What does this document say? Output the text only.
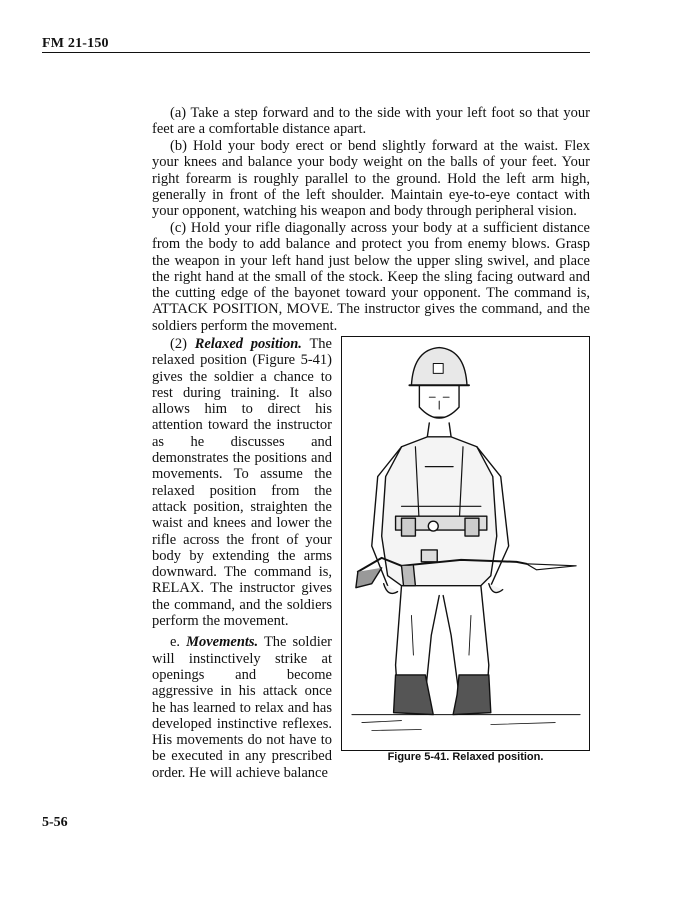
FM 21-150

(a) Take a step forward and to the side with your left foot so that your feet are a comfortable distance apart.

(b) Hold your body erect or bend slightly forward at the waist. Flex your knees and balance your body weight on the balls of your feet. Your right forearm is roughly parallel to the ground. Hold the left arm high, generally in front of the left shoulder. Maintain eye-to-eye contact with your opponent, watching his weapon and body through peripheral vision.

(c) Hold your rifle diagonally across your body at a sufficient distance from the body to add balance and protect you from enemy blows. Grasp the weapon in your left hand just below the upper sling swivel, and place the right hand at the small of the stock. Keep the sling facing outward and the cutting edge of the bayonet toward your opponent. The command is, ATTACK POSITION, MOVE. The instructor gives the command, and the soldiers perform the movement.

(2) Relaxed position. The relaxed position (Figure 5-41) gives the soldier a chance to rest during training. It also allows him to direct his attention toward the instructor as he discusses and demonstrates the positions and movements. To assume the relaxed position from the attack position, straighten the waist and knees and lower the rifle across the front of your body by extending the arms downward. The command is, RELAX. The instructor gives the command, and the soldiers perform the movement.

e. Movements. The soldier will instinctively strike at openings and become aggressive in his attack once he has learned to relax and has developed instinctive reflexes. His movements do not have to be executed in any prescribed order. He will achieve balance

Figure 5-41. Relaxed position.
5-56
